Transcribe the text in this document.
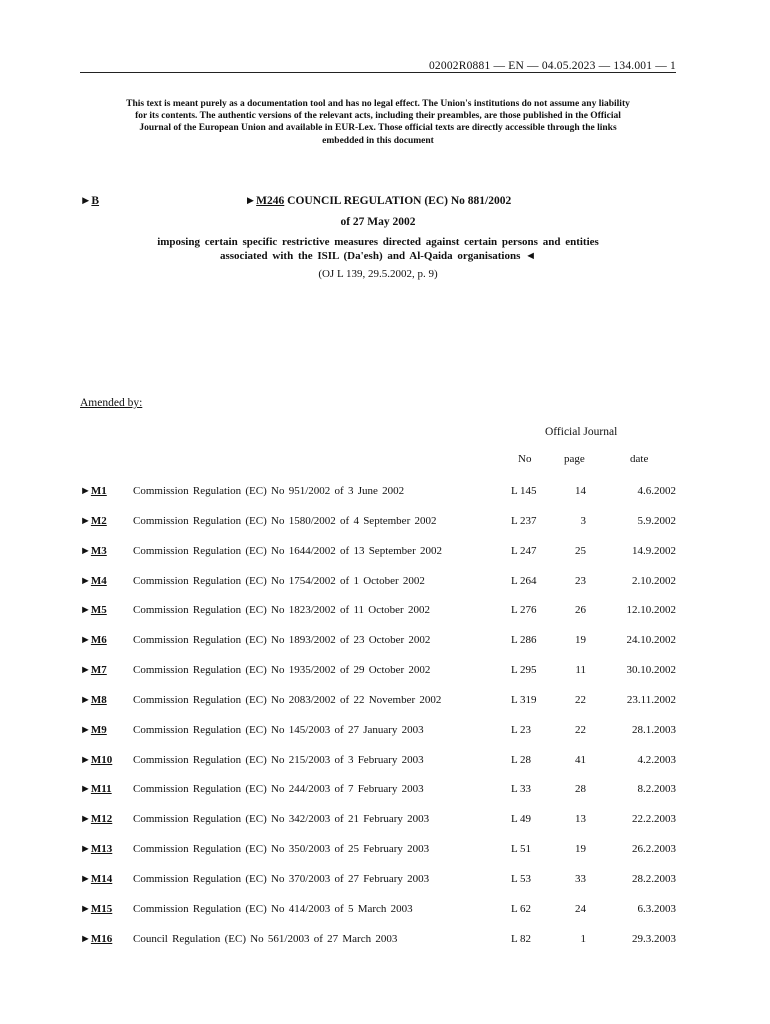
02002R0881 — EN — 04.05.2023 — 134.001 — 1
This text is meant purely as a documentation tool and has no legal effect. The Union's institutions do not assume any liability
for its contents. The authentic versions of the relevant acts, including their preambles, are those published in the Official
Journal of the European Union and available in EUR-Lex. Those official texts are directly accessible through the links
embedded in this document
►M246 COUNCIL REGULATION (EC) No 881/2002
►B
of 27 May 2002
imposing certain specific restrictive measures directed against certain persons and entities
associated with the ISIL (Da'esh) and Al-Qaida organisations ◄
(OJ L 139, 29.5.2002, p. 9)
Amended by:
Official Journal
No	page	date
►M1 Commission Regulation (EC) No 951/2002 of 3 June 2002	L 145	14	4.6.2002
►M2 Commission Regulation (EC) No 1580/2002 of 4 September 2002	L 237	3	5.9.2002
►M3 Commission Regulation (EC) No 1644/2002 of 13 September 2002	L 247	25	14.9.2002
►M4 Commission Regulation (EC) No 1754/2002 of 1 October 2002	L 264	23	2.10.2002
►M5 Commission Regulation (EC) No 1823/2002 of 11 October 2002	L 276	26	12.10.2002
►M6 Commission Regulation (EC) No 1893/2002 of 23 October 2002	L 286	19	24.10.2002
►M7 Commission Regulation (EC) No 1935/2002 of 29 October 2002	L 295	11	30.10.2002
►M8 Commission Regulation (EC) No 2083/2002 of 22 November 2002	L 319	22	23.11.2002
►M9 Commission Regulation (EC) No 145/2003 of 27 January 2003	L 23	22	28.1.2003
►M10 Commission Regulation (EC) No 215/2003 of 3 February 2003	L 28	41	4.2.2003
►M11 Commission Regulation (EC) No 244/2003 of 7 February 2003	L 33	28	8.2.2003
►M12 Commission Regulation (EC) No 342/2003 of 21 February 2003	L 49	13	22.2.2003
►M13 Commission Regulation (EC) No 350/2003 of 25 February 2003	L 51	19	26.2.2003
►M14 Commission Regulation (EC) No 370/2003 of 27 February 2003	L 53	33	28.2.2003
►M15 Commission Regulation (EC) No 414/2003 of 5 March 2003	L 62	24	6.3.2003
►M16 Council Regulation (EC) No 561/2003 of 27 March 2003	L 82	1	29.3.2003
